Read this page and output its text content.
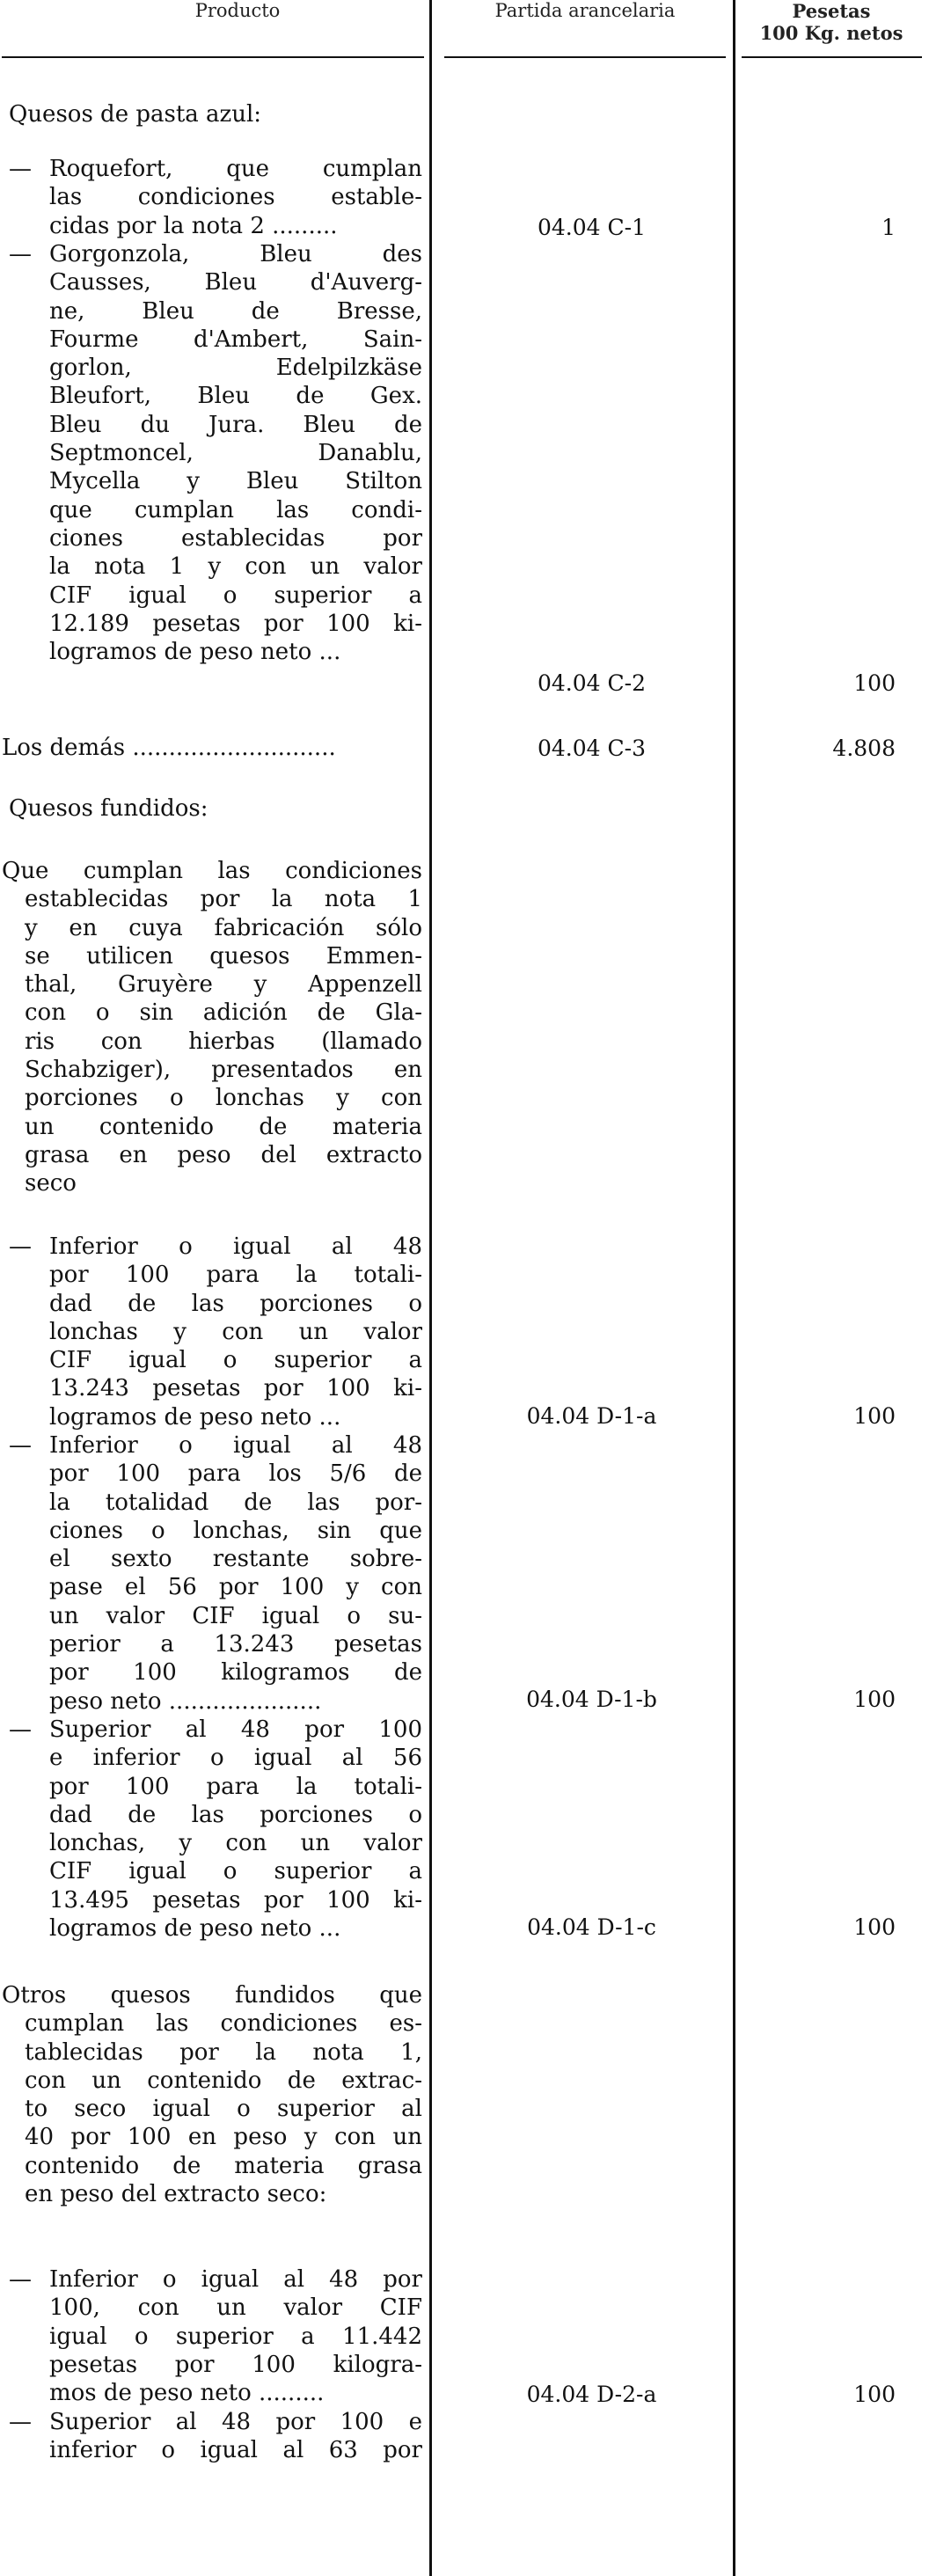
Producto	Partida arancelaria	Pesetas
100 Kg. netos
Quesos de pasta azul:
— Roquefort, que cumplan
las condiciones estable-
cidas por la nota 2 .........	04.04 C-1	1
— Gorgonzola, Bleu des
Causses, Bleu d'Auverg-
ne, Bleu de Bresse,
Fourme d'Ambert, Sain-
gorlon, Edelpilzkäse
Bleufort, Bleu de Gex.
Bleu du Jura. Bleu de
Septmoncel, Danablu,
Mycella y Bleu Stilton
que cumplan las condi-
ciones establecidas por
la nota 1 y con un valor
CIF igual o superior a
12.189 pesetas por 100 ki-
logramos de peso neto ...
04.04 C-2	100
Los demás ............................	04.04 C-3	4.808
Quesos fundidos:
Que cumplan las condiciones
establecidas por la nota 1
y en cuya fabricación sólo
se utilicen quesos Emmen-
thal, Gruyère y Appenzell
con o sin adición de Gla-
ris con hierbas (llamado
Schabziger), presentados en
porciones o lonchas y con
un contenido de materia
grasa en peso del extracto
seco
— Inferior o igual al 48
por 100 para la totali-
dad de las porciones o
lonchas y con un valor
CIF igual o superior a
13.243 pesetas por 100 ki-
logramos de peso neto ...	04.04 D-1-a	100
— Inferior o igual al 48
por 100 para los 5/6 de
la totalidad de las por-
ciones o lonchas, sin que
el sexto restante sobre-
pase el 56 por 100 y con
un valor CIF igual o su-
perior a 13.243 pesetas
por 100 kilogramos de
peso neto .....................	04.04 D-1-b	100
— Superior al 48 por 100
e inferior o igual al 56
por 100 para la totali-
dad de las porciones o
lonchas, y con un valor
CIF igual o superior a
13.495 pesetas por 100 ki-
logramos de peso neto ...	04.04 D-1-c	100
Otros quesos fundidos que
cumplan las condiciones es-
tablecidas por la nota 1,
con un contenido de extrac-
to seco igual o superior al
40 por 100 en peso y con un
contenido de materia grasa
en peso del extracto seco:
— Inferior o igual al 48 por
100, con un valor CIF
igual o superior a 11.442
pesetas por 100 kilogra-
mos de peso neto .........	04.04 D-2-a	100
— Superior al 48 por 100 e
inferior o igual al 63 por
